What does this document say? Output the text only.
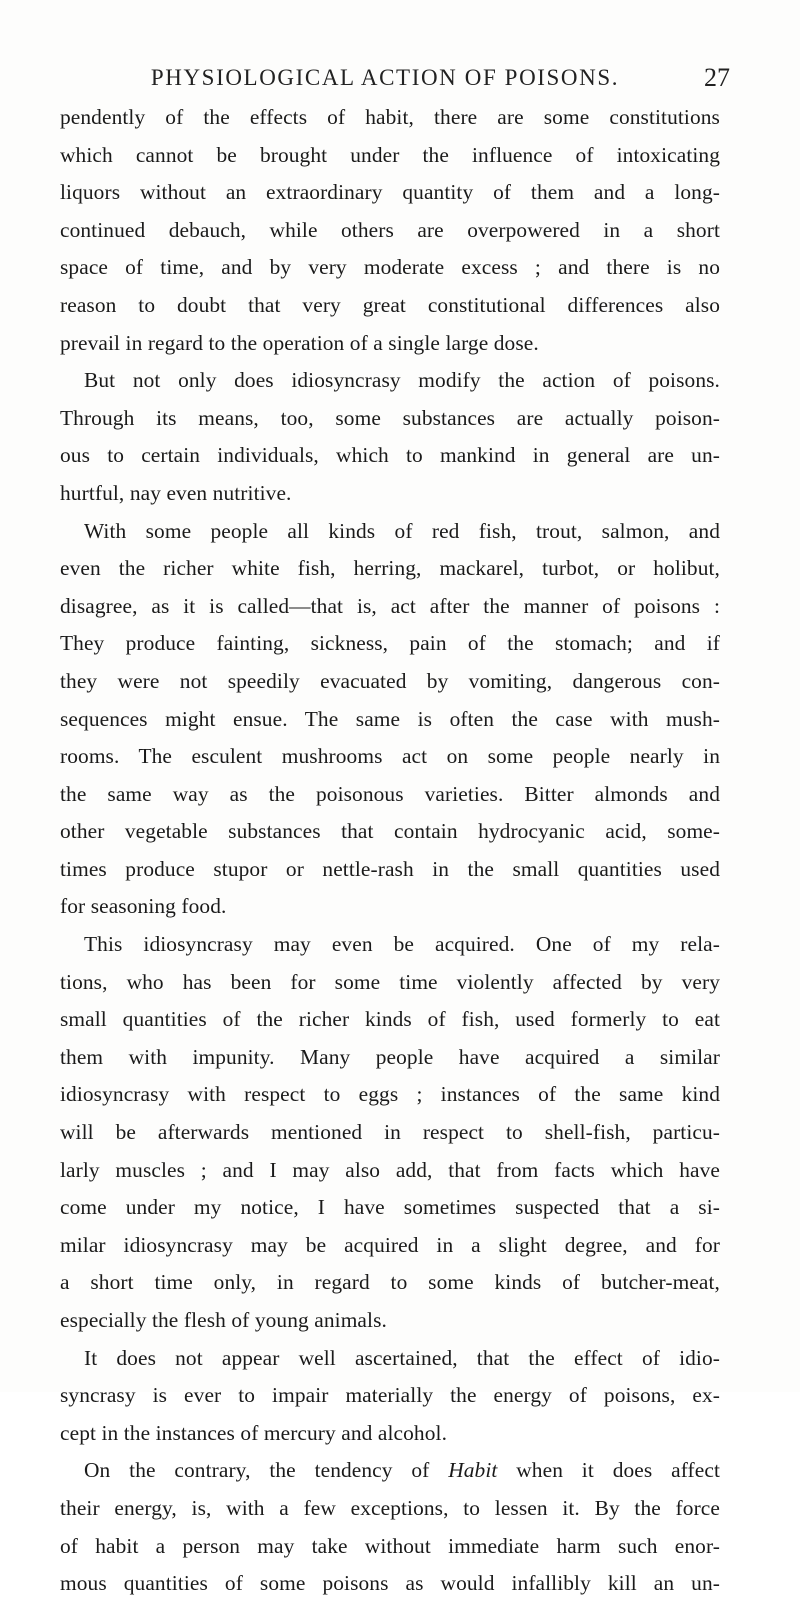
PHYSIOLOGICAL ACTION OF POISONS.	27
pendently of the effects of habit, there are some constitutions
which cannot be brought under the influence of intoxicating
liquors without an extraordinary quantity of them and a long-
continued debauch, while others are overpowered in a short
space of time, and by very moderate excess ; and there is no
reason to doubt that very great constitutional differences also
prevail in regard to the operation of a single large dose.
But not only does idiosyncrasy modify the action of poisons.
Through its means, too, some substances are actually poison-
ous to certain individuals, which to mankind in general are un-
hurtful, nay even nutritive.
With some people all kinds of red fish, trout, salmon, and
even the richer white fish, herring, mackarel, turbot, or holibut,
disagree, as it is called—that is, act after the manner of poisons :
They produce fainting, sickness, pain of the stomach; and if
they were not speedily evacuated by vomiting, dangerous con-
sequences might ensue. The same is often the case with mush-
rooms. The esculent mushrooms act on some people nearly in
the same way as the poisonous varieties. Bitter almonds and
other vegetable substances that contain hydrocyanic acid, some-
times produce stupor or nettle-rash in the small quantities used
for seasoning food.
This idiosyncrasy may even be acquired. One of my rela-
tions, who has been for some time violently affected by very
small quantities of the richer kinds of fish, used formerly to eat
them with impunity. Many people have acquired a similar
idiosyncrasy with respect to eggs ; instances of the same kind
will be afterwards mentioned in respect to shell-fish, particu-
larly muscles ; and I may also add, that from facts which have
come under my notice, I have sometimes suspected that a si-
milar idiosyncrasy may be acquired in a slight degree, and for
a short time only, in regard to some kinds of butcher-meat,
especially the flesh of young animals.
It does not appear well ascertained, that the effect of idio-
syncrasy is ever to impair materially the energy of poisons, ex-
cept in the instances of mercury and alcohol.
On the contrary, the tendency of Habit when it does affect
their energy, is, with a few exceptions, to lessen it. By the force
of habit a person may take without immediate harm such enor-
mous quantities of some poisons as would infallibly kill an un-
